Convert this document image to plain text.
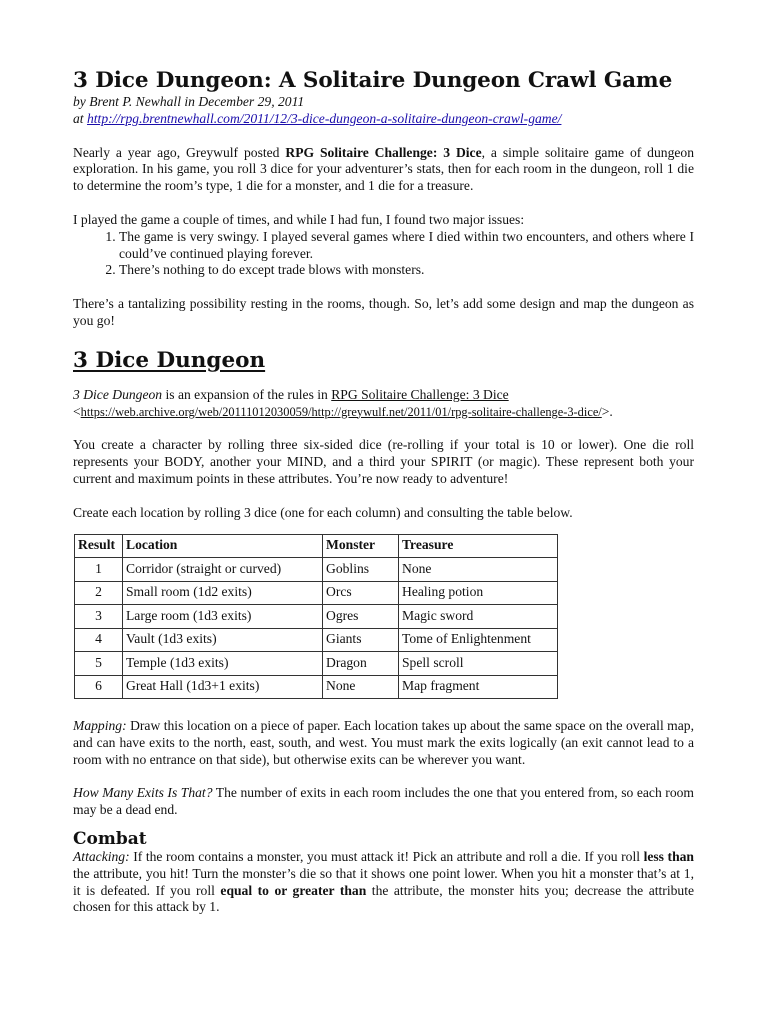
3 Dice Dungeon: A Solitaire Dungeon Crawl Game

by Brent P. Newhall in December 29, 2011

at http://rpg.brentnewhall.com/2011/12/3-dice-dungeon-a-solitaire-dungeon-crawl-game/

Nearly a year ago, Greywulf posted RPG Solitaire Challenge: 3 Dice, a simple solitaire game of dungeon exploration. In his game, you roll 3 dice for your adventurer’s stats, then for each room in the dungeon, roll 1 die to determine the room’s type, 1 die for a monster, and 1 die for a treasure.

I played the game a couple of times, and while I had fun, I found two major issues:

1. The game is very swingy. I played several games where I died within two encounters, and others where I could’ve continued playing forever.
2. There’s nothing to do except trade blows with monsters.

There’s a tantalizing possibility resting in the rooms, though. So, let’s add some design and map the dungeon as you go!

3 Dice Dungeon

3 Dice Dungeon is an expansion of the rules in RPG Solitaire Challenge: 3 Dice
<https://web.archive.org/web/20111012030059/http://greywulf.net/2011/01/rpg-solitaire-challenge-3-dice/>.

You create a character by rolling three six-sided dice (re-rolling if your total is 10 or lower). One die roll represents your BODY, another your MIND, and a third your SPIRIT (or magic). These represent both your current and maximum points in these attributes. You’re now ready to adventure!

Create each location by rolling 3 dice (one for each column) and consulting the table below.

Result	Location	Monster	Treasure
1	Corridor (straight or curved)	Goblins	None
2	Small room (1d2 exits)	Orcs	Healing potion
3	Large room (1d3 exits)	Ogres	Magic sword
4	Vault (1d3 exits)	Giants	Tome of Enlightenment
5	Temple (1d3 exits)	Dragon	Spell scroll
6	Great Hall (1d3+1 exits)	None	Map fragment

Mapping: Draw this location on a piece of paper. Each location takes up about the same space on the overall map, and can have exits to the north, east, south, and west. You must mark the exits logically (an exit cannot lead to a room with no entrance on that side), but otherwise exits can be wherever you want.

How Many Exits Is That? The number of exits in each room includes the one that you entered from, so each room may be a dead end.

Combat

Attacking: If the room contains a monster, you must attack it! Pick an attribute and roll a die. If you roll less than the attribute, you hit! Turn the monster’s die so that it shows one point lower. When you hit a monster that’s at 1, it is defeated. If you roll equal to or greater than the attribute, the monster hits you; decrease the attribute chosen for this attack by 1.
